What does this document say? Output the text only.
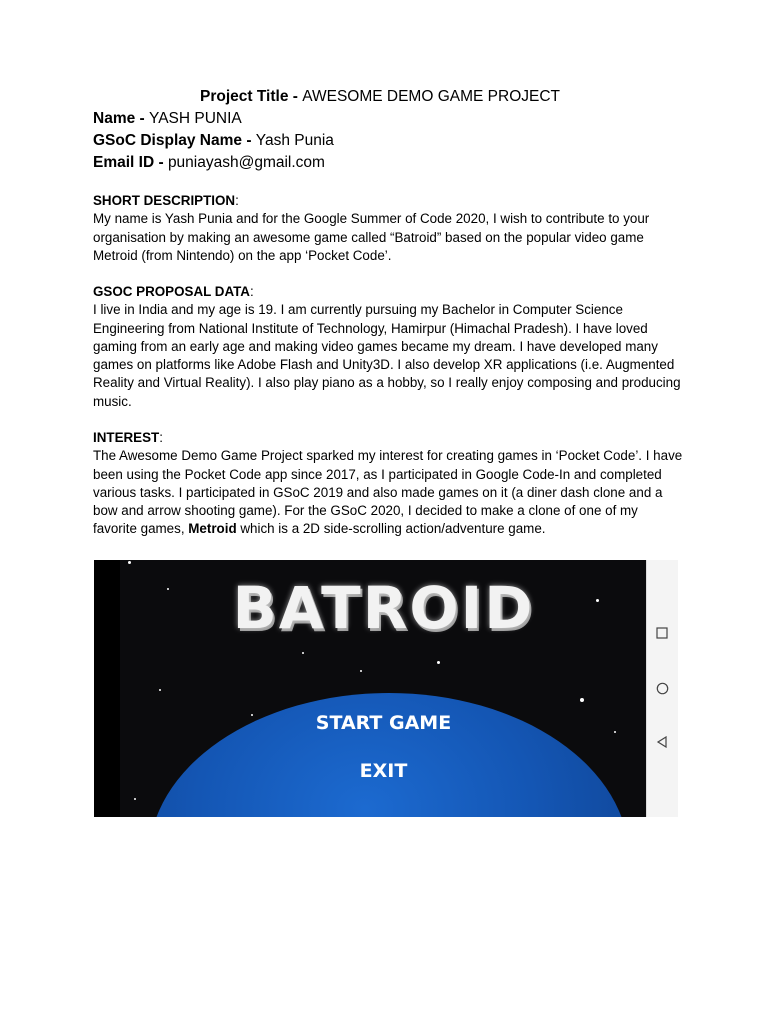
Project Title - AWESOME DEMO GAME PROJECT
Name - YASH PUNIA
GSoC Display Name - Yash Punia
Email ID - puniayash@gmail.com

SHORT DESCRIPTION:

My name is Yash Punia and for the Google Summer of Code 2020, I wish to contribute to your organisation by making an awesome game called “Batroid” based on the popular video game Metroid (from Nintendo) on the app ‘Pocket Code’.

GSOC PROPOSAL DATA:

I live in India and my age is 19. I am currently pursuing my Bachelor in Computer Science Engineering from National Institute of Technology, Hamirpur (Himachal Pradesh). I have loved gaming from an early age and making video games became my dream. I have developed many games on platforms like Adobe Flash and Unity3D. I also develop XR applications (i.e. Augmented Reality and Virtual Reality). I also play piano as a hobby, so I really enjoy composing and producing music.

INTEREST:

The Awesome Demo Game Project sparked my interest for creating games in ‘Pocket Code’. I have been using the Pocket Code app since 2017, as I participated in Google Code-In and completed various tasks. I participated in GSoC 2019 and also made games on it (a diner dash clone and a bow and arrow shooting game). For the GSoC 2020, I decided to make a clone of one of my favorite games, Metroid which is a 2D side-scrolling action/adventure game.

BATROID
START GAME
EXIT
